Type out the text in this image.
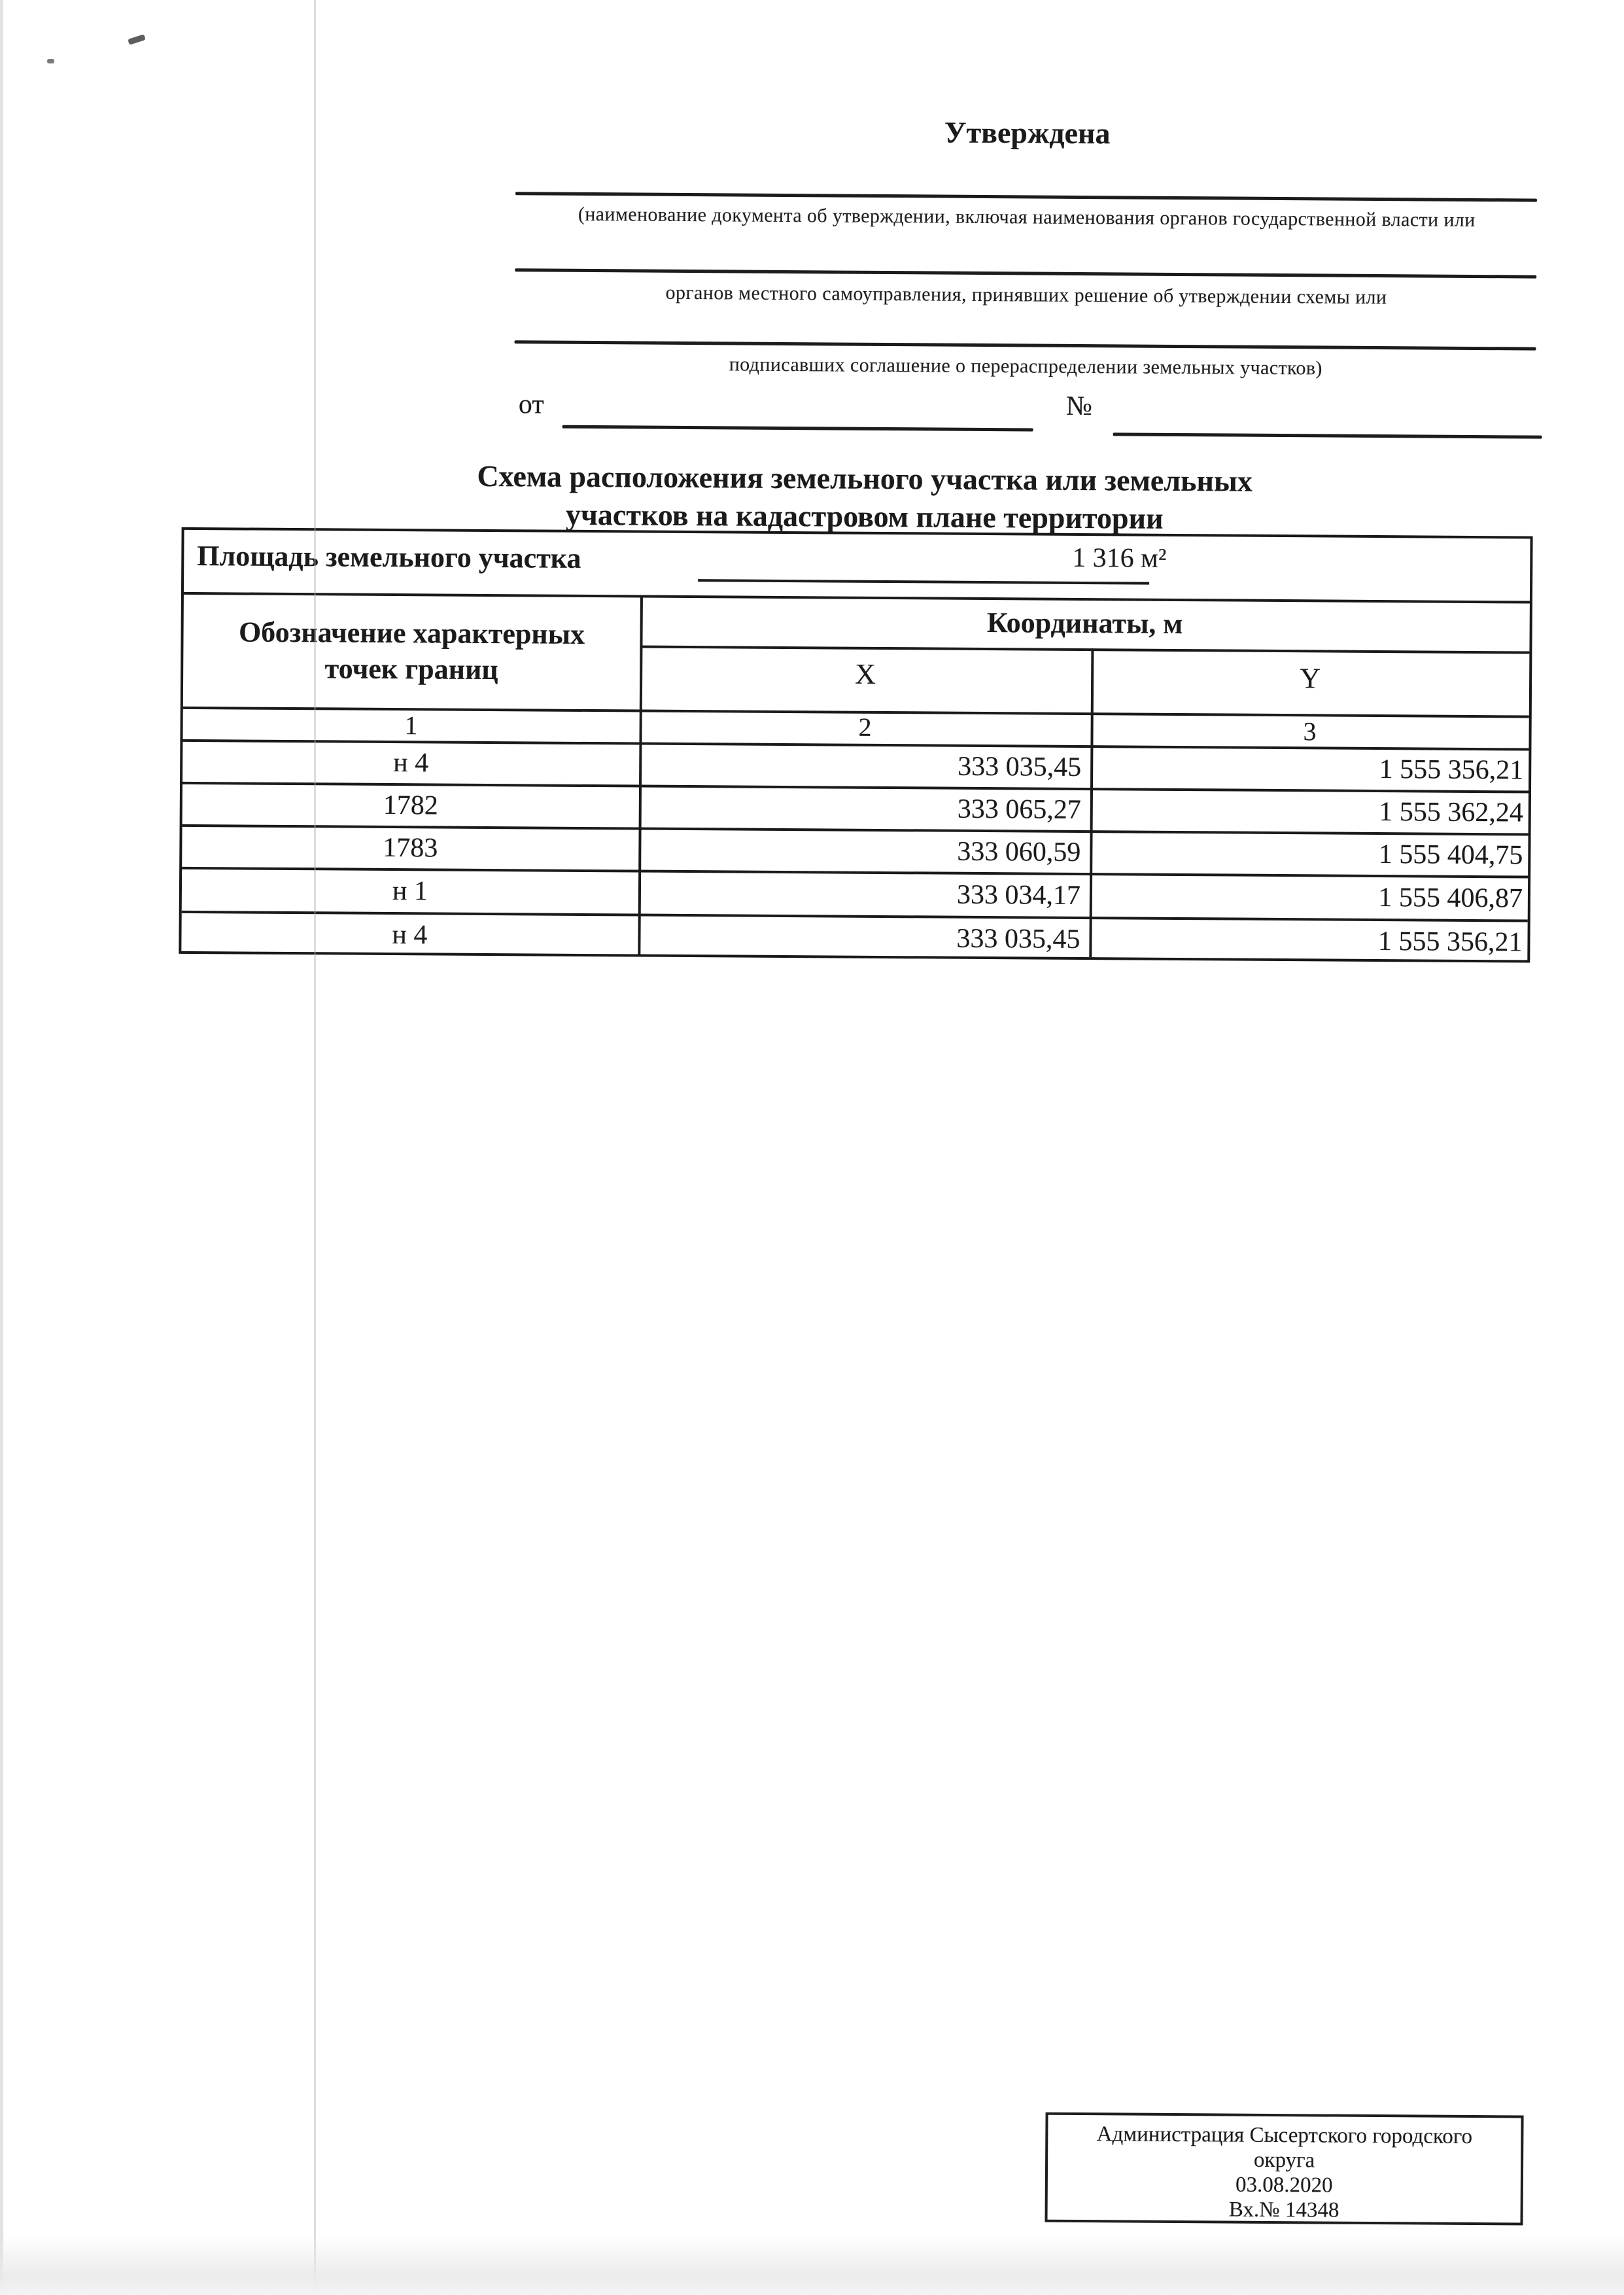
Утверждена
(наименование документа об утверждении, включая наименования органов государственной власти или
органов местного самоуправления, принявших решение об утверждении схемы или
подписавших соглашение о перераспределении земельных участков)
от	№
Схема расположения земельного участка или земельных
участков на кадастровом плане территории
Площадь земельного участка	1 316 м²
Обозначение характерных
точек границ
Координаты, м
X	Y
1	2	3
н 4	333 035,45	1 555 356,21
1782	333 065,27	1 555 362,24
1783	333 060,59	1 555 404,75
н 1	333 034,17	1 555 406,87
н 4	333 035,45	1 555 356,21
Администрация Сысертского городского
округа
03.08.2020
Вх.№ 14348
